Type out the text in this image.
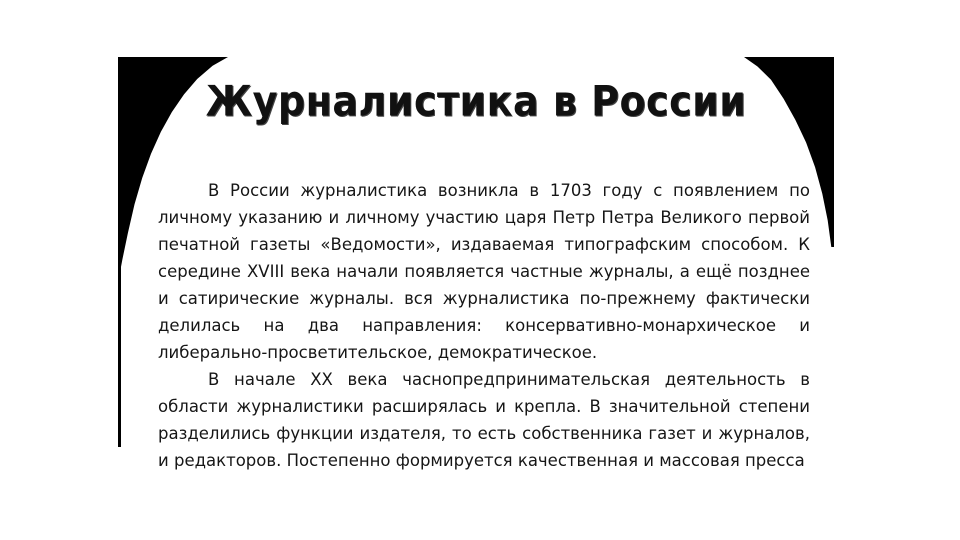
Журналистика в России

В России журналистика возникла в 1703 году с появлением по личному указанию и личному участию царя Петр Петра Великого первой печатной газеты «Ведомости», издаваемая типографским способом. К середине XVIII века начали появляется частные журналы, а ещё позднее и сатирические журналы. вся журналистика по-прежнему фактически делилась на два направления: консервативно-монархическое и либерально-просветительское, демократическое.

В начале XX века часнопредпринимательская деятельность в области журналистики расширялась и крепла. В значительной степени разделились функции издателя, то есть собственника газет и журналов, и редакторов. Постепенно формируется качественная и массовая пресса
